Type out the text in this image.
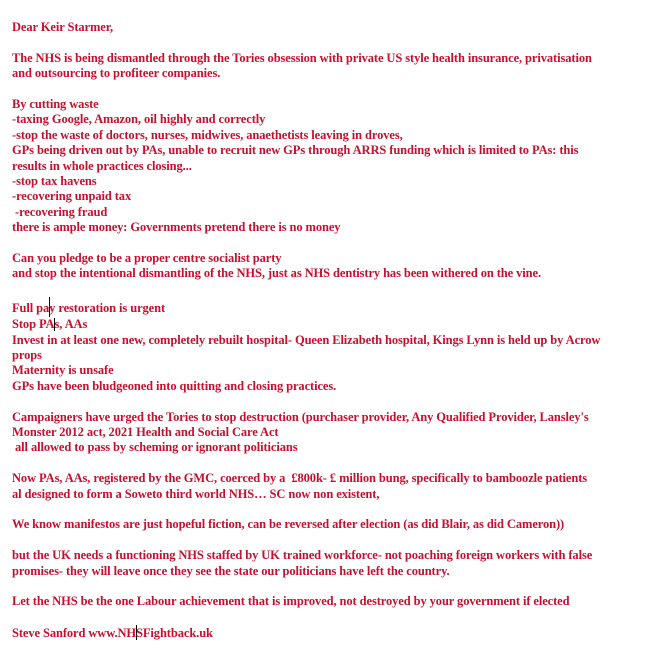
Dear Keir Starmer,
The NHS is being dismantled through the Tories obsession with private US style health insurance, privatisation
and outsourcing to profiteer companies.
By cutting waste
-taxing Google, Amazon, oil highly and correctly
-stop the waste of doctors, nurses, midwives, anaethetists leaving in droves,
GPs being driven out by PAs, unable to recruit new GPs through ARRS funding which is limited to PAs: this
results in whole practices closing...
-stop tax havens
-recovering unpaid tax
-recovering fraud
there is ample money: Governments pretend there is no money
Can you pledge to be a proper centre socialist party
and stop the intentional dismantling of the NHS, just as NHS dentistry has been withered on the vine.
Full pay restoration is urgent
Stop PAs, AAs
Invest in at least one new, completely rebuilt hospital- Queen Elizabeth hospital, Kings Lynn is held up by Acrow
props
Maternity is unsafe
GPs have been bludgeoned into quitting and closing practices.
Campaigners have urged the Tories to stop destruction (purchaser provider, Any Qualified Provider, Lansley's
Monster 2012 act, 2021 Health and Social Care Act
all allowed to pass by scheming or ignorant politicians
Now PAs, AAs, registered by the GMC, coerced by a  £800k- £ million bung, specifically to bamboozle patients
al designed to form a Soweto third world NHS… SC now non existent,
We know manifestos are just hopeful fiction, can be reversed after election (as did Blair, as did Cameron))
but the UK needs a functioning NHS staffed by UK trained workforce- not poaching foreign workers with false
promises- they will leave once they see the state our politicians have left the country.
Let the NHS be the one Labour achievement that is improved, not destroyed by your government if elected
Steve Sanford www.NHSFightback.uk
